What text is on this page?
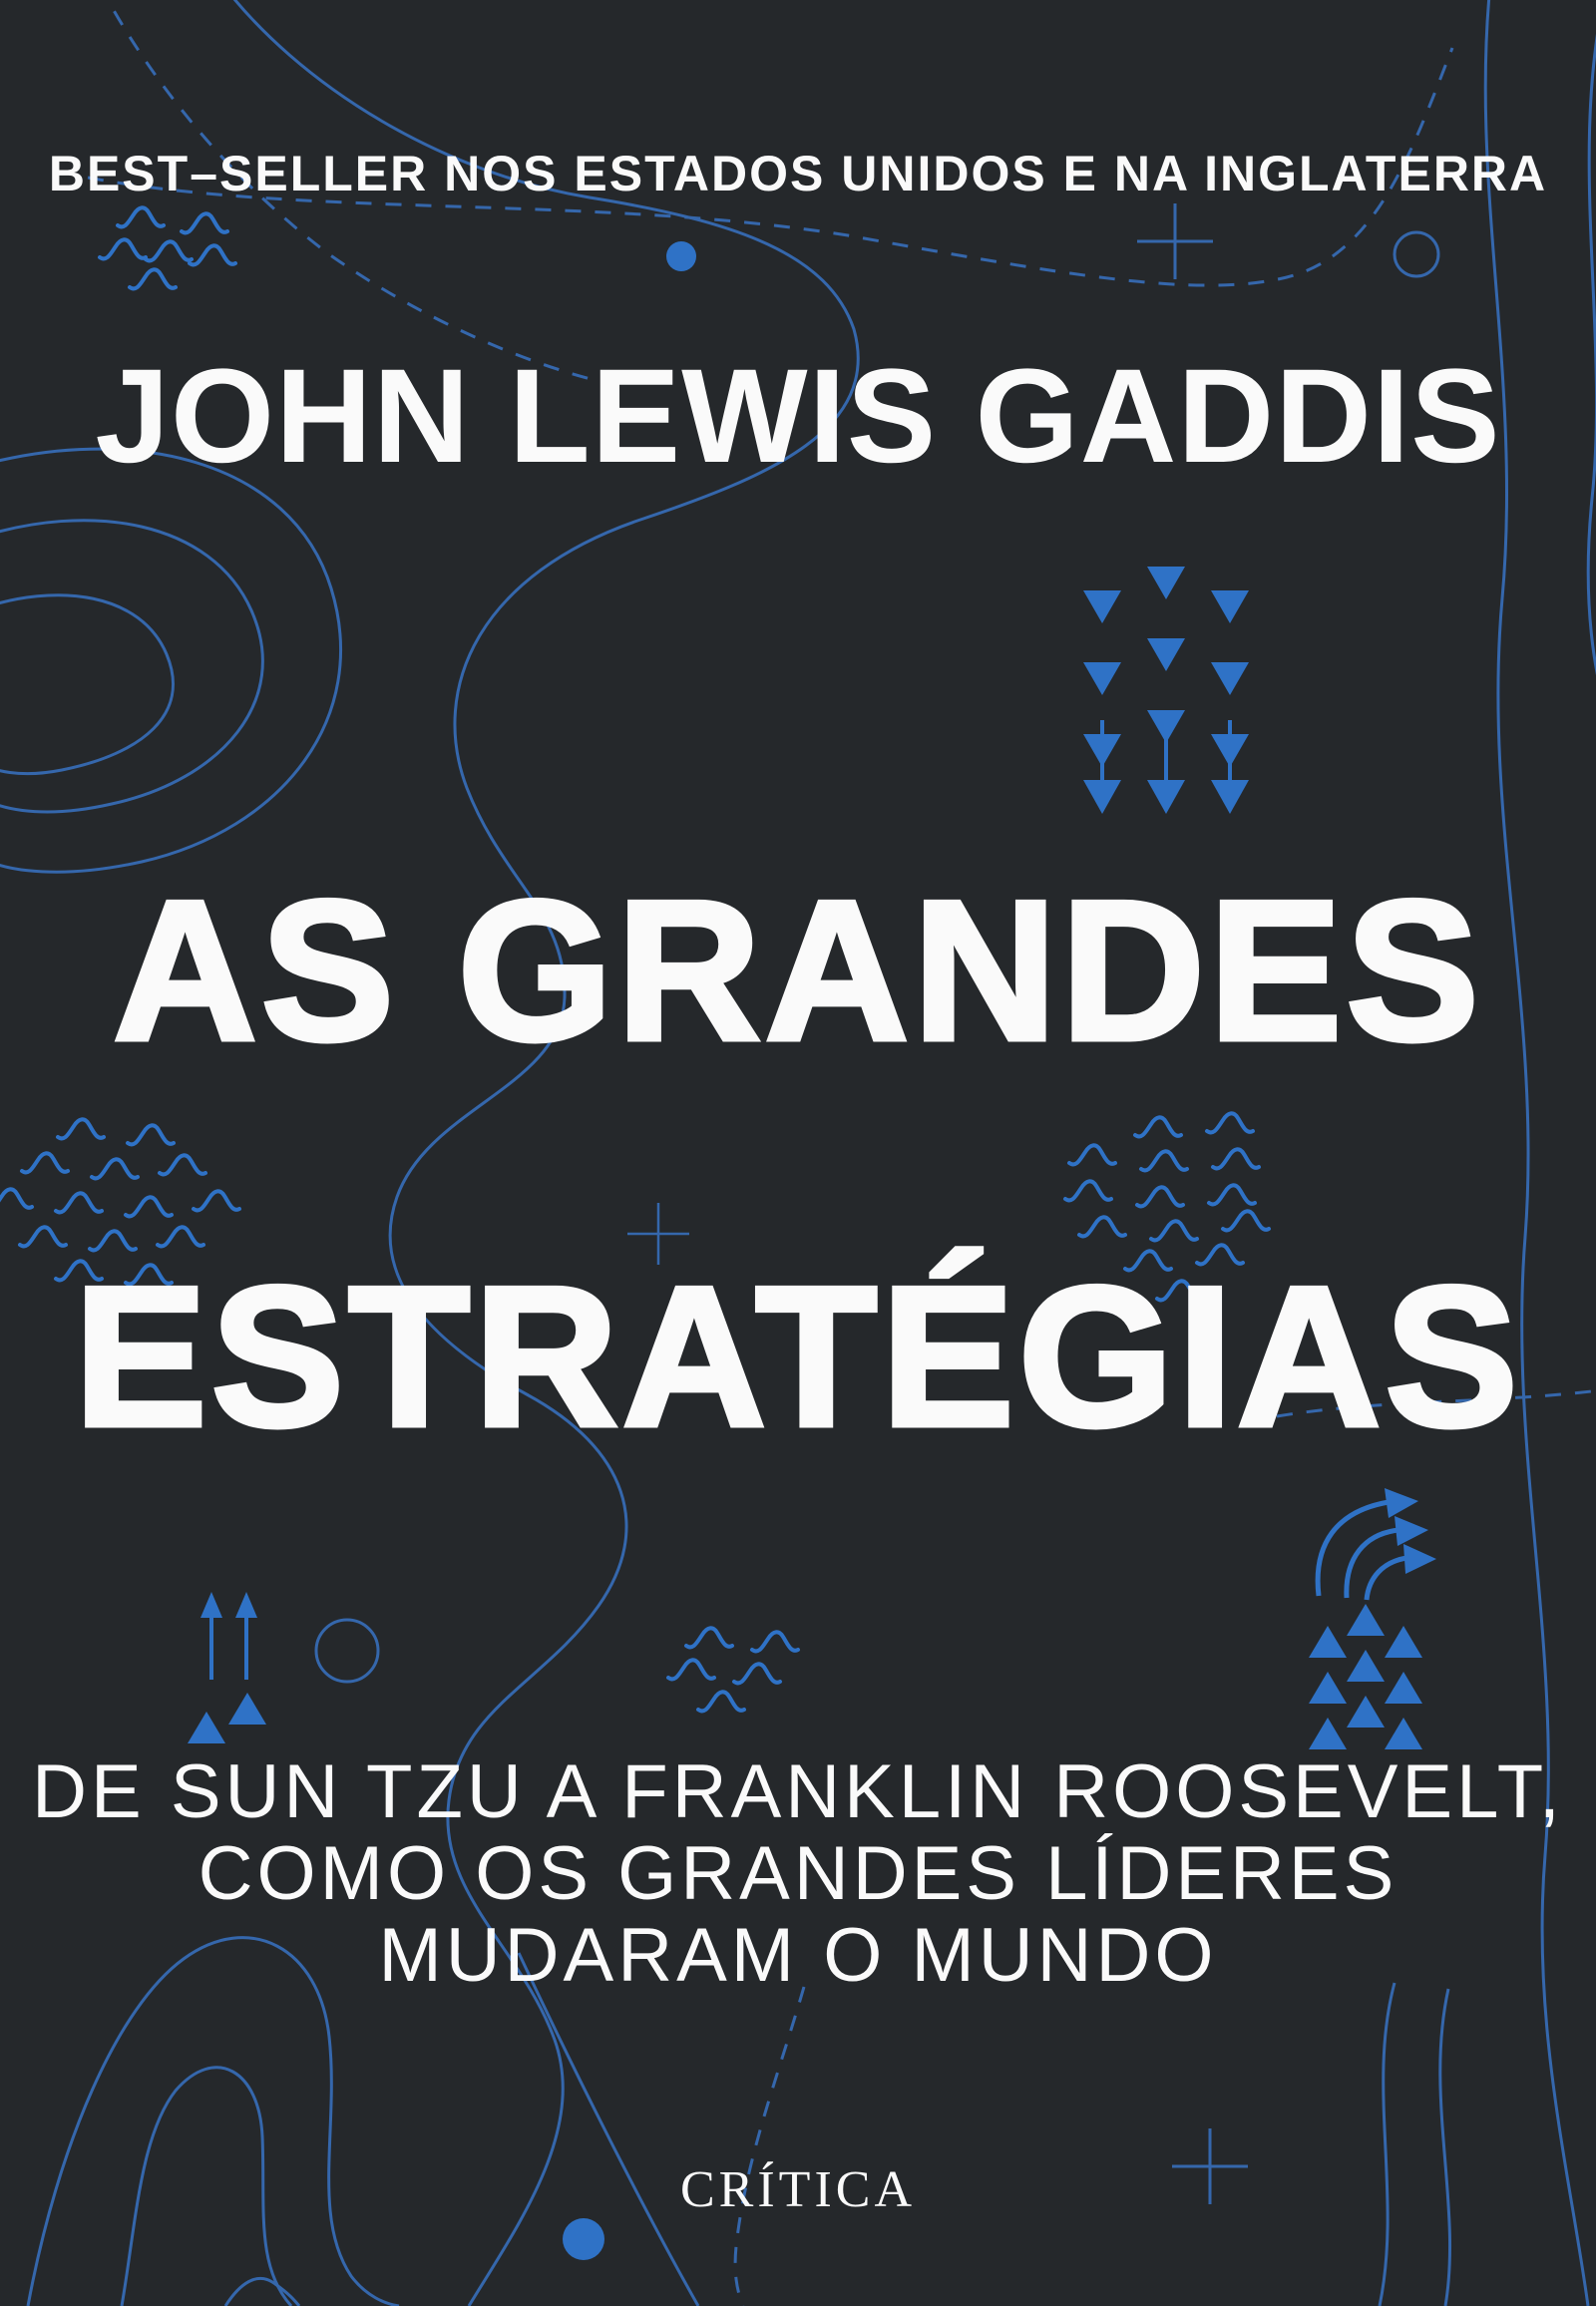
BEST–SELLER NOS ESTADOS UNIDOS E NA INGLATERRA
JOHN LEWIS GADDIS
AS GRANDES
ESTRATÉGIAS
DE SUN TZU A FRANKLIN ROOSEVELT,
COMO OS GRANDES LÍDERES
MUDARAM O MUNDO
CRÍTICA
